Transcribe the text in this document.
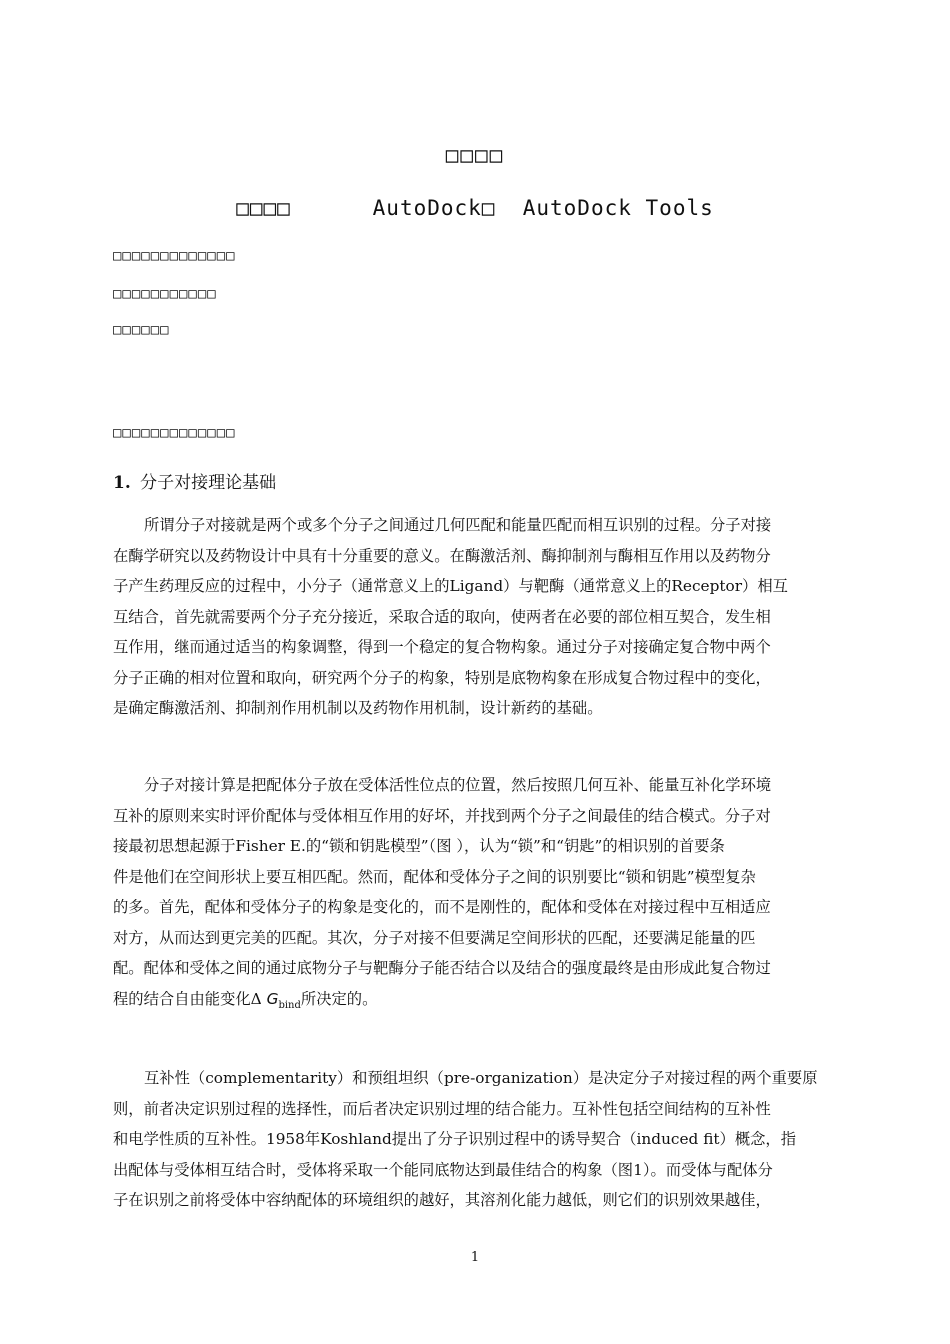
□□□□
□□□□      AutoDock□  AutoDock Tools
□□□□□□□□□□□□□
□□□□□□□□□□□
□□□□□□
□□□□□□□□□□□□□
1. 分子对接理论基础
所谓分子对接就是两个或多个分子之间通过几何匹配和能量匹配而相互识别的过程。分子对接
在酶学研究以及药物设计中具有十分重要的意义。在酶激活剂、酶抑制剂与酶相互作用以及药物分
子产生药理反应的过程中，小分子（通常意义上的Ligand）与靶酶（通常意义上的Receptor）相互
互结合，首先就需要两个分子充分接近，采取合适的取向，使两者在必要的部位相互契合，发生相
互作用，继而通过适当的构象调整，得到一个稳定的复合物构象。通过分子对接确定复合物中两个
分子正确的相对位置和取向，研究两个分子的构象，特别是底物构象在形成复合物过程中的变化，
是确定酶激活剂、抑制剂作用机制以及药物作用机制，设计新药的基础。
分子对接计算是把配体分子放在受体活性位点的位置，然后按照几何互补、能量互补化学环境
互补的原则来实时评价配体与受体相互作用的好坏，并找到两个分子之间最佳的结合模式。分子对
接最初思想起源于Fisher E.的“锁和钥匙模型”（图 ），认为“锁”和“钥匙”的相识别的首要条
件是他们在空间形状上要互相匹配。然而，配体和受体分子之间的识别要比“锁和钥匙”模型复杂
的多。首先，配体和受体分子的构象是变化的，而不是刚性的，配体和受体在对接过程中互相适应
对方，从而达到更完美的匹配。其次，分子对接不但要满足空间形状的匹配，还要满足能量的匹
配。配体和受体之间的通过底物分子与靶酶分子能否结合以及结合的强度最终是由形成此复合物过
程的结合自由能变化Δ $G_{bind}$所决定的。
互补性（complementarity）和预组坦织（pre-organization）是决定分子对接过程的两个重要原
则，前者决定识别过程的选择性，而后者决定识别过埋的结合能力。互补性包括空间结构的互补性
和电学性质的互补性。1958年Koshland提出了分子识别过程中的诱导契合（induced fit）概念，指
出配体与受体相互结合时，受体将采取一个能同底物达到最佳结合的构象（图1）。而受体与配体分
子在识别之前将受体中容纳配体的环境组织的越好，其溶剂化能力越低，则它们的识别效果越佳，
1
